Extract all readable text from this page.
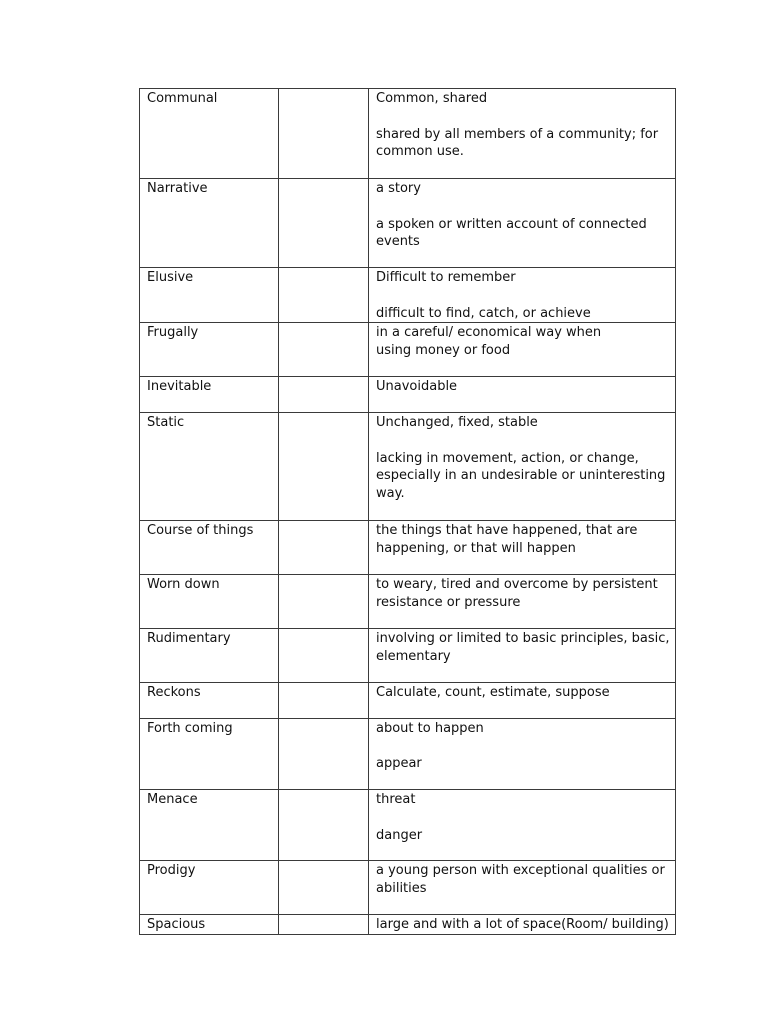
Communal		Common, shared
shared by all members of a community; for
common use.

Narrative		a story
a spoken or written account of connected
events

Elusive		Difficult to remember
difficult to find, catch, or achieve

Frugally		in a careful/ economical way when
using money or food

Inevitable		Unavoidable

Static		Unchanged, fixed, stable
lacking in movement, action, or change,
especially in an undesirable or uninteresting
way.

Course of things		the things that have happened, that are
happening, or that will happen

Worn down		to weary, tired and overcome by persistent
resistance or pressure

Rudimentary		involving or limited to basic principles, basic,
elementary

Reckons		Calculate, count, estimate, suppose

Forth coming		about to happen
appear

Menace		threat
danger

Prodigy		a young person with exceptional qualities or
abilities

Spacious		large and with a lot of space(Room/ building)
